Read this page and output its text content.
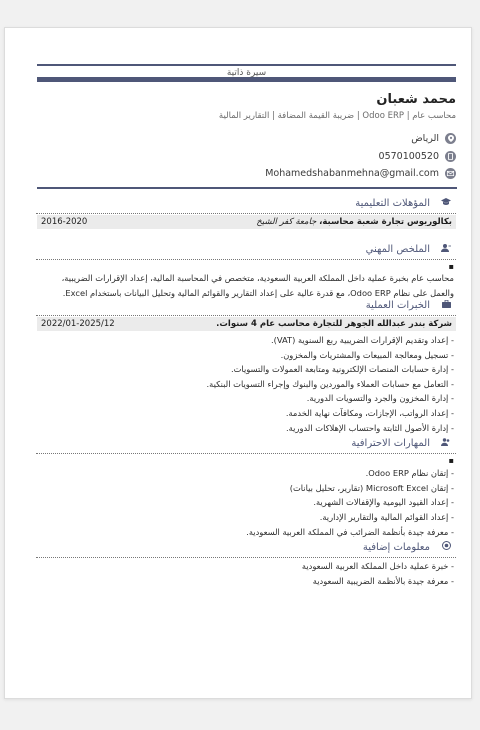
سيرة ذاتية
محمد شعبان
محاسب عام | Odoo ERP | ضريبة القيمة المضافة | التقارير المالية
الرياض
0570100520
Mohamedshabanmehna@gmail.com
المؤهلات التعليمية
بكالوريوس تجارة شعبة محاسبة، جامعة كفر الشيخ
2016-2020
الملخص المهني
▪
محاسب عام بخبرة عملية داخل المملكة العربية السعودية، متخصص في المحاسبة المالية، إعداد الإقرارات الضريبية، والعمل على نظام Odoo ERP، مع قدرة عالية على إعداد التقارير والقوائم المالية وتحليل البيانات باستخدام Excel.
الخبرات العملية
شركة بندر عبدالله الجوهر للتجارة محاسب عام 4 سنوات.
2022/01-2025/12
- إعداد وتقديم الإقرارات الضريبية ربع السنوية (VAT).
- تسجيل ومعالجة المبيعات والمشتريات والمخزون.
- إدارة حسابات المنصات الإلكترونية ومتابعة العمولات والتسويات.
- التعامل مع حسابات العملاء والموردين والبنوك وإجراء التسويات البنكية.
- إدارة المخزون والجرد والتسويات الدورية.
- إعداد الرواتب، الإجازات، ومكافآت نهاية الخدمة.
- إدارة الأصول الثابتة واحتساب الإهلاكات الدورية.
المهارات الاحترافية
▪
- إتقان نظام Odoo ERP.
- إتقان Microsoft Excel (تقارير، تحليل بيانات)
- إعداد القيود اليومية والإقفالات الشهرية.
- إعداد القوائم المالية والتقارير الإدارية.
- معرفة جيدة بأنظمة الضرائب في المملكة العربية السعودية.
معلومات إضافية
- خبرة عملية داخل المملكة العربية السعودية
- معرفة جيدة بالأنظمة الضريبية السعودية
